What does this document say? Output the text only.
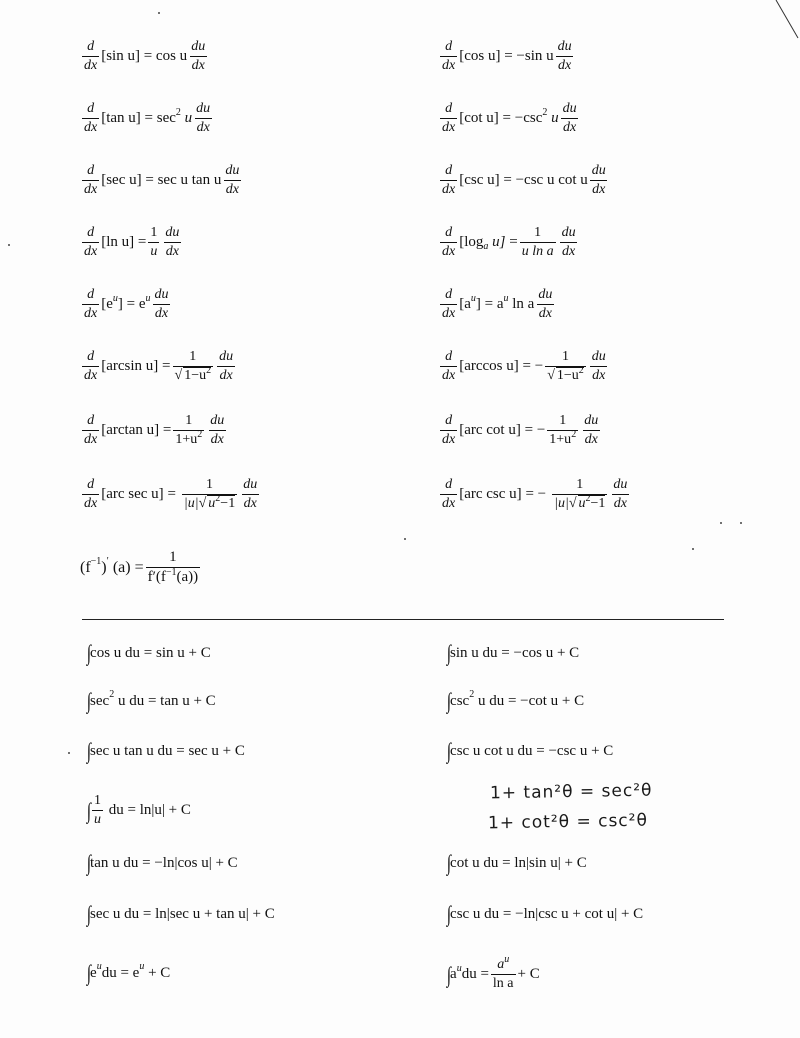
d
dx
[sin u]
= cos u
du
dx
d
dx
[tan u]
= sec 2
u
du
dx
d
dx
[sec u]
= sec u tan u
du
dx
d
dx
[ln u]
= $\frac{1}{u}$ du
dx
d
dx
[e u ] = e u du
dx
d
dx
[arcsin u]
= $\frac{1}{√ 1-u^2}$ du
dx
d
dx
[arctan u]
= $\frac{1}{1+u^2}$ du
dx
d
dx
[arc sec u]
= $\frac{1}{|u|√ u^2-1}$ du
dx
(f −1 ) ′
$(a) = \frac{1}{f'(f^{-1}(a))}$
d
dx
[cos u]
= −sin u
du
dx
d
dx
[cot u]
= −csc 2
u
du
dx
d
dx
[csc u]
= −csc u cot u
du
dx
d
dx
[log a
u]
= $\frac{1}{\text{u ln a}}$ du
dx
d
dx
[a u ] = a u
ln a
du
dx
d
dx
[arccos u]
= − $\frac{1}{√ 1-u^2}$ du
dx
d
dx
[arc cot u]
= − $\frac{1}{1+u^2}$ du
dx
d
dx
[arc csc u]
= − $\frac{1}{|u|√ u^2-1}$ du
dx
∫
cos u du = sin u + C
∫
sec 2
u du = tan u + C
∫
sec u tan u du = sec u + C
∫ 1
u

du = ln|u| + C
∫
tan u du = −ln|cos u| + C
∫
sec u du = ln|sec u + tan u| + C
∫
e u du = e u
+ C
∫
sin u du = −cos u + C
∫
csc 2
u du = −cot u + C
∫
csc u cot u du = −csc u + C
∫
cot u du = ln|sin u| + C
∫
csc u du = −ln|csc u + cot u| + C
∫
a u du = $\frac{a^u}{\text{ln a}} + C$
1+ tan²θ = sec²θ
1+ cot²θ = csc²θ
